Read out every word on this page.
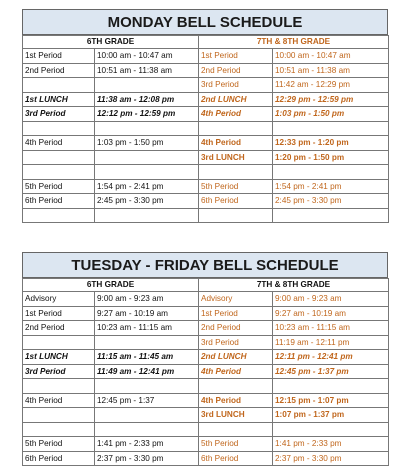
MONDAY BELL SCHEDULE
6TH GRADE		7TH & 8TH GRADE	
1st Period	10:00 am - 10:47 am	1st Period	10:00 am - 10:47 am
2nd Period	10:51 am - 11:38 am	2nd Period	10:51 am - 11:38 am
		3rd Period	11:42 am - 12:29 pm
1st LUNCH	11:38 am - 12:08 pm	2nd LUNCH	12:29 pm - 12:59 pm
3rd Period	12:12 pm - 12:59 pm	4th Period	1:03 pm - 1:50 pm

4th Period	1:03 pm - 1:50 pm	4th Period	12:33 pm - 1:20 pm
		3rd LUNCH	1:20 pm - 1:50 pm

5th Period	1:54 pm - 2:41 pm	5th Period	1:54 pm - 2:41 pm
6th Period	2:45 pm - 3:30 pm	6th Period	2:45 pm - 3:30 pm

TUESDAY - FRIDAY BELL SCHEDULE
6TH GRADE		7TH & 8TH GRADE	
Advisory	9:00 am - 9:23 am	Advisory	9:00 am - 9:23 am
1st Period	9:27 am - 10:19 am	1st Period	9:27 am - 10:19 am
2nd Period	10:23 am - 11:15 am	2nd Period	10:23 am - 11:15 am
		3rd Period	11:19 am - 12:11 pm
1st LUNCH	11:15 am - 11:45 am	2nd LUNCH	12:11 pm - 12:41 pm
3rd Period	11:49 am - 12:41 pm	4th Period	12:45 pm - 1:37 pm

4th Period	12:45 pm - 1:37	4th Period	12:15 pm - 1:07 pm
		3rd LUNCH	1:07 pm - 1:37 pm

5th Period	1:41 pm - 2:33 pm	5th Period	1:41 pm - 2:33 pm
6th Period	2:37 pm - 3:30 pm	6th Period	2:37 pm - 3:30 pm
